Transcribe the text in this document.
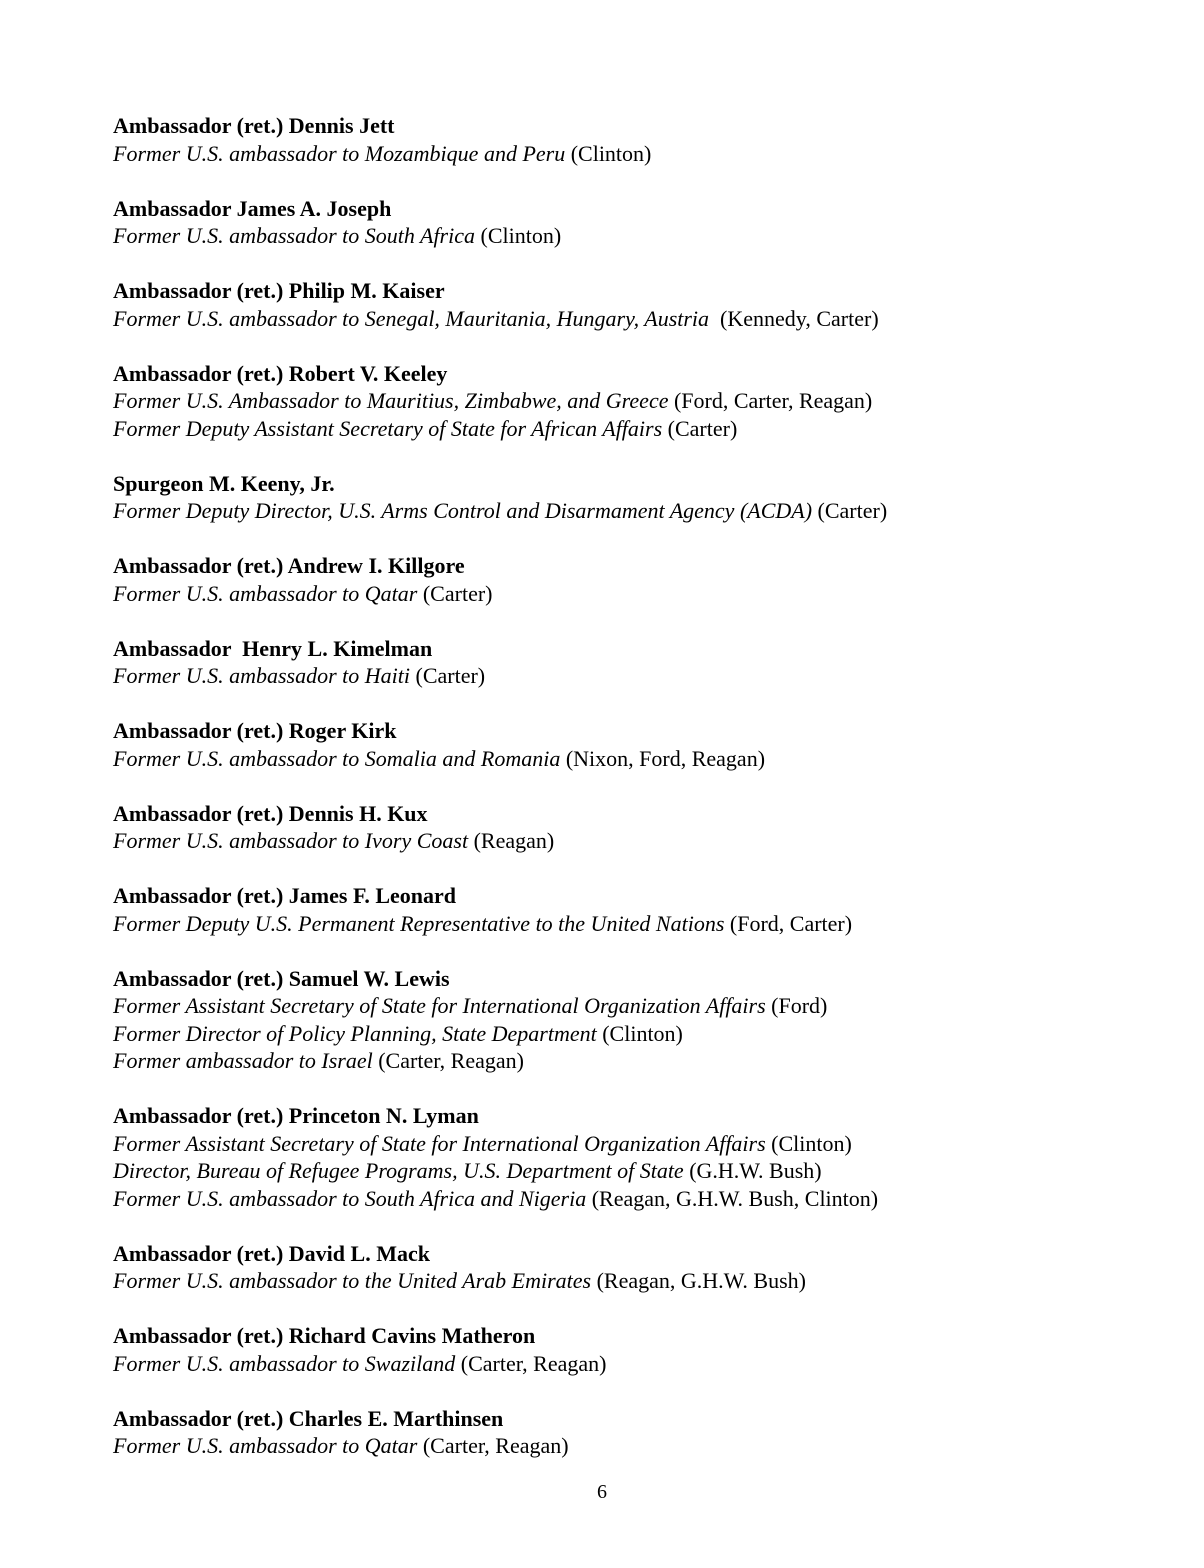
Ambassador (ret.) Dennis Jett
Former U.S. ambassador to Mozambique and Peru (Clinton)
Ambassador James A. Joseph
Former U.S. ambassador to South Africa (Clinton)
Ambassador (ret.) Philip M. Kaiser
Former U.S. ambassador to Senegal, Mauritania, Hungary, Austria  (Kennedy, Carter)
Ambassador (ret.) Robert V. Keeley
Former U.S. Ambassador to Mauritius, Zimbabwe, and Greece (Ford, Carter, Reagan)
Former Deputy Assistant Secretary of State for African Affairs (Carter)
Spurgeon M. Keeny, Jr.
Former Deputy Director, U.S. Arms Control and Disarmament Agency (ACDA) (Carter)
Ambassador (ret.) Andrew I. Killgore
Former U.S. ambassador to Qatar (Carter)
Ambassador  Henry L. Kimelman
Former U.S. ambassador to Haiti (Carter)
Ambassador (ret.) Roger Kirk
Former U.S. ambassador to Somalia and Romania (Nixon, Ford, Reagan)
Ambassador (ret.) Dennis H. Kux
Former U.S. ambassador to Ivory Coast (Reagan)
Ambassador (ret.) James F. Leonard
Former Deputy U.S. Permanent Representative to the United Nations (Ford, Carter)
Ambassador (ret.) Samuel W. Lewis
Former Assistant Secretary of State for International Organization Affairs (Ford)
Former Director of Policy Planning, State Department (Clinton)
Former ambassador to Israel (Carter, Reagan)
Ambassador (ret.) Princeton N. Lyman
Former Assistant Secretary of State for International Organization Affairs (Clinton)
Director, Bureau of Refugee Programs, U.S. Department of State (G.H.W. Bush)
Former U.S. ambassador to South Africa and Nigeria (Reagan, G.H.W. Bush, Clinton)
Ambassador (ret.) David L. Mack
Former U.S. ambassador to the United Arab Emirates (Reagan, G.H.W. Bush)
Ambassador (ret.) Richard Cavins Matheron
Former U.S. ambassador to Swaziland (Carter, Reagan)
Ambassador (ret.) Charles E. Marthinsen
Former U.S. ambassador to Qatar (Carter, Reagan)
6
